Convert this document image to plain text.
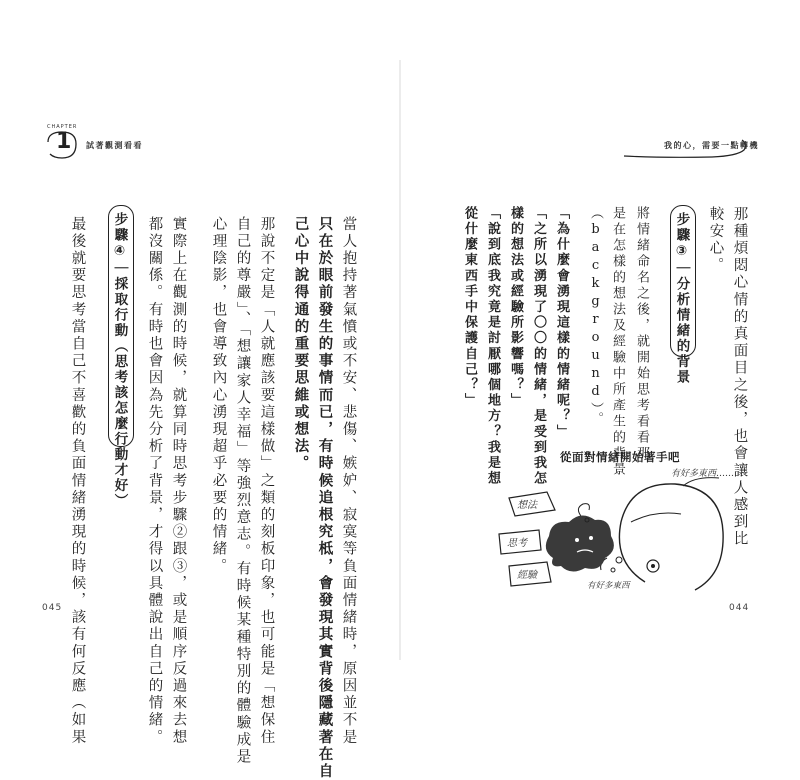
CHAPTER
1 試著觀測看看
當人抱持著氣憤或不安、悲傷、嫉妒、寂寞等負面情緒時，原因並不是
只在於眼前發生的事情而已，有時候追根究柢，會發現其實背後隱藏著在自
己心中說得通的重要思維或想法。
那說不定是「人就應該要這樣做」之類的刻板印象，也可能是「想保住
自己的尊嚴」、「想讓家人幸福」等強烈意志。有時候某種特別的體驗成是
心理陰影，也會導致內心湧現超乎必要的情緒。
步驟④｜採取行動（思考該怎麼行動才好）	實際上在觀測的時候，就算同時思考步驟②跟③，或是順序反過來去想
都沒關係。有時也會因為先分析了背景，才得以具體說出自己的情緒。
最後就要思考當自己不喜歡的負面情緒湧現的時候，該有何反應（如果
045
我的心，需要一點轉機
那種煩悶心情的真面目之後，也會讓人感到比
較安心。
步驟③｜分析情緒的背景
將情緒命名之後，就開始思考看看那
是在怎樣的想法及經驗中所產生的背景
（background）。
「為什麼會湧現這樣的情緒呢？」
「之所以湧現了〇〇的情緒，是受到我怎
樣的想法或經驗所影響嗎？」
「說到底我究竟是討厭哪個地方？我是想
從什麼東西手中保護自己？」
從面對情緒開始著手吧
有好多東西……
想法
思考
經驗
有好多東西
044
